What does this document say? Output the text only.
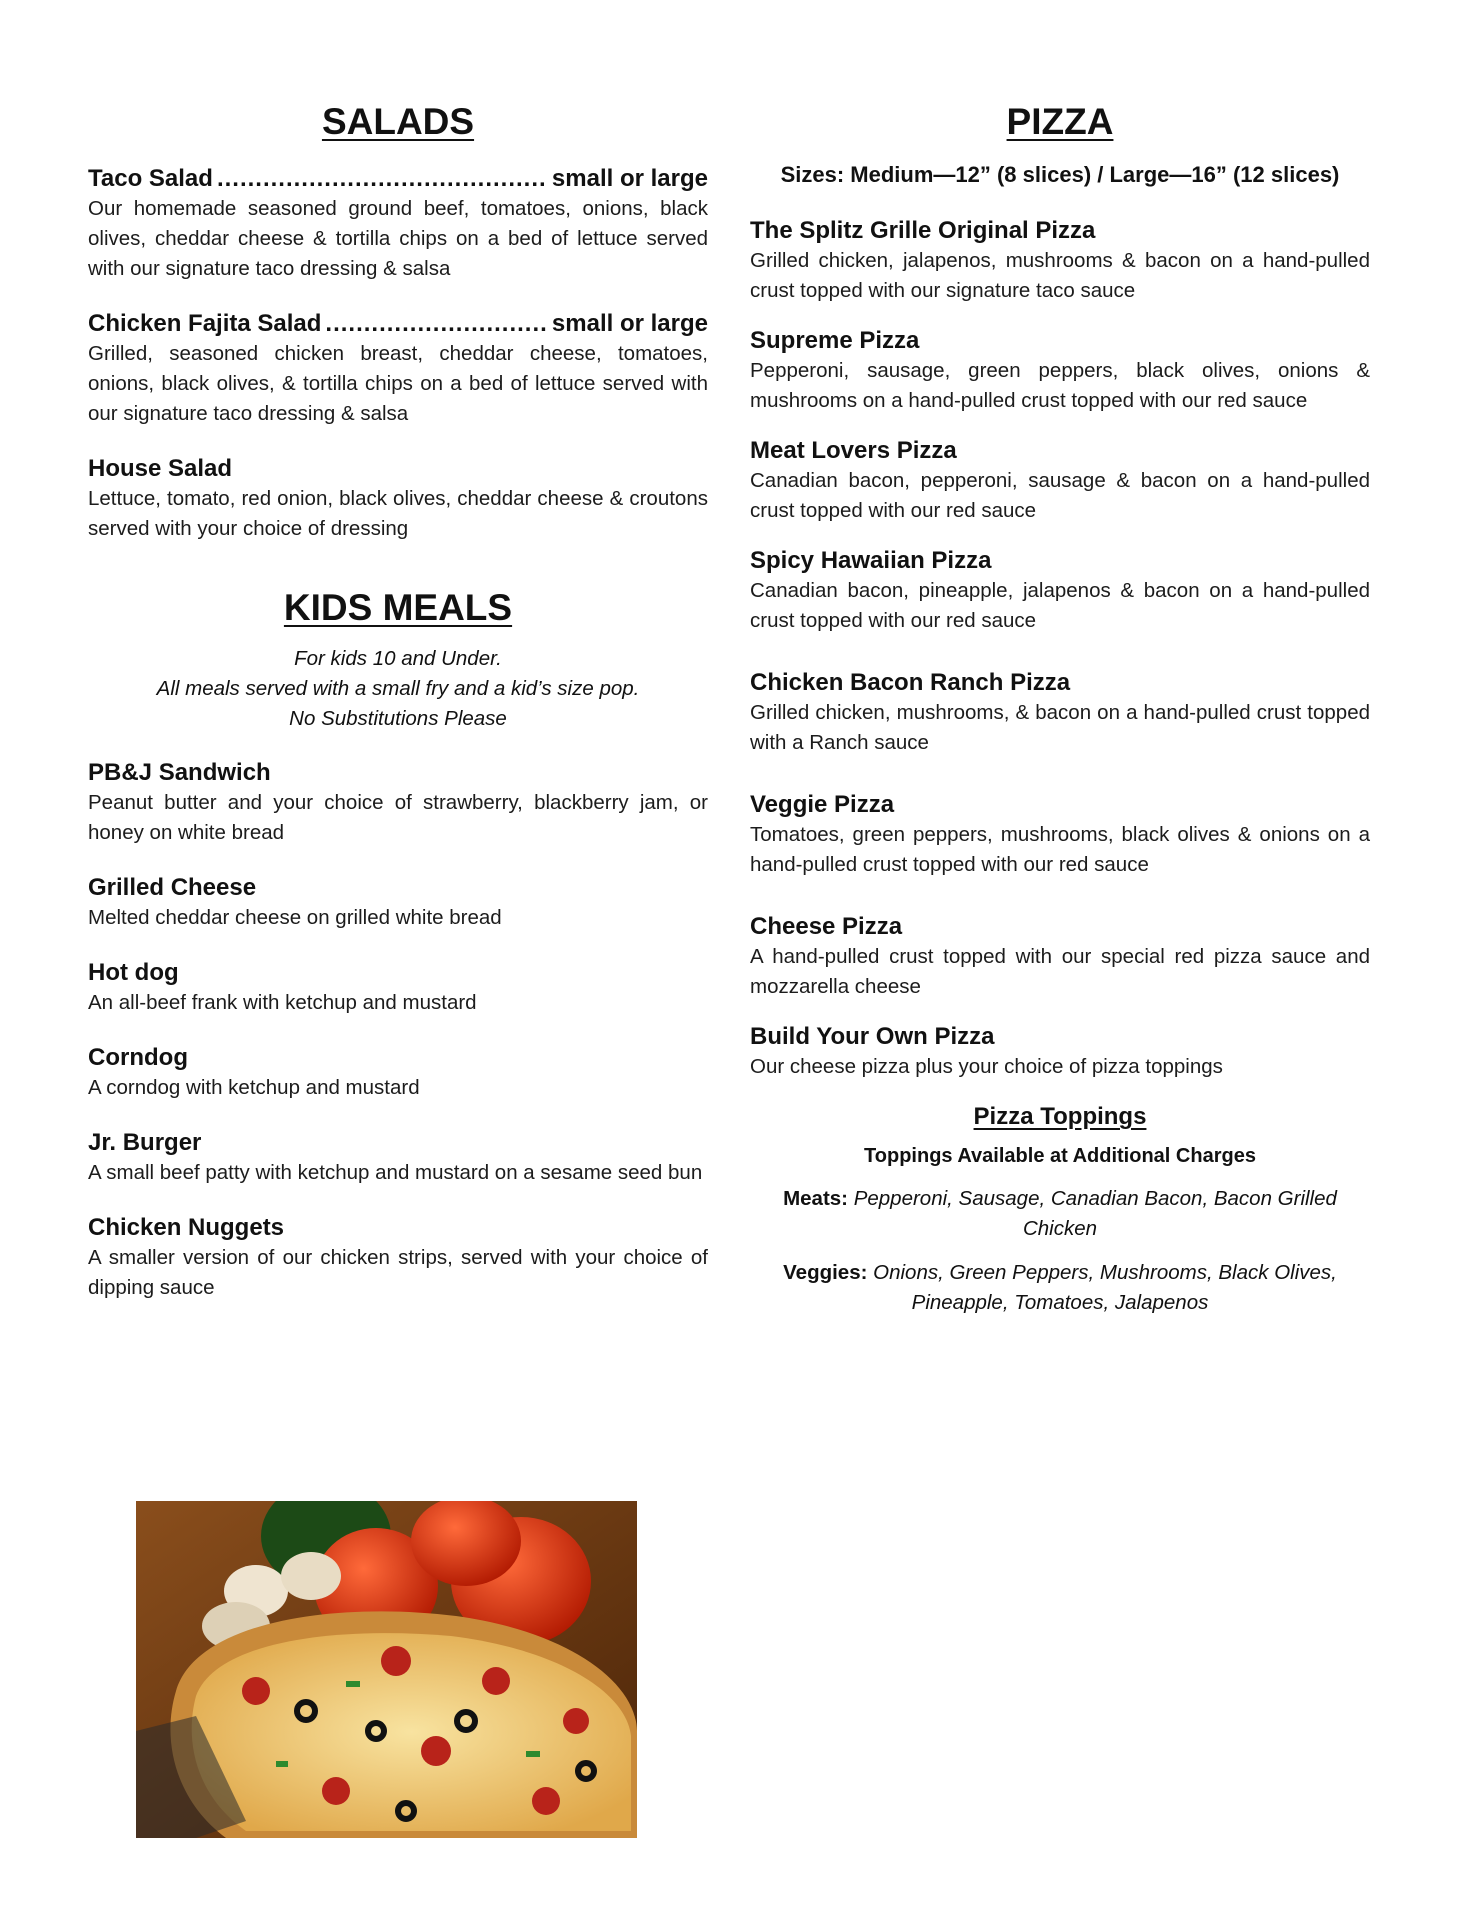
SALADS

Taco Salad .....	small or large

Our homemade seasoned ground beef, tomatoes, onions, black olives, cheddar cheese & tortilla chips on a bed of lettuce served with our signature taco dressing & salsa

Chicken Fajita Salad .....	small or large

Grilled, seasoned chicken breast, cheddar cheese, tomatoes, onions, black olives, & tortilla chips on a bed of lettuce served with our signature taco dressing & salsa

House Salad

Lettuce, tomato, red onion, black olives, cheddar cheese & croutons served with your choice of dressing

KIDS MEALS

For kids 10 and Under.

All meals served with a small fry and a kid’s size pop.

No Substitutions Please

PB&J Sandwich

Peanut butter and your choice of strawberry, blackberry jam, or honey on white bread

Grilled Cheese

Melted cheddar cheese on grilled white bread

Hot dog

An all-beef frank with ketchup and mustard

Corndog

A corndog with ketchup and mustard

Jr. Burger

A small beef patty with ketchup and mustard on a sesame seed bun

Chicken Nuggets

A smaller version of our chicken strips, served with your choice of dipping sauce

PIZZA

Sizes: Medium—12” (8 slices) / Large—16” (12 slices)

The Splitz Grille Original Pizza

Grilled chicken, jalapenos, mushrooms & bacon on a hand-pulled crust topped with our signature taco sauce

Supreme Pizza

Pepperoni, sausage, green peppers, black olives, onions & mushrooms on a hand-pulled crust topped with our red sauce

Meat Lovers Pizza

Canadian bacon, pepperoni, sausage & bacon on a hand-pulled crust topped with our red sauce

Spicy Hawaiian Pizza

Canadian bacon, pineapple, jalapenos & bacon on a hand-pulled crust topped with our red sauce

Chicken Bacon Ranch Pizza

Grilled chicken, mushrooms, & bacon on a hand-pulled crust topped with a Ranch sauce

Veggie Pizza

Tomatoes, green peppers, mushrooms, black olives & onions on a hand-pulled crust topped with our red sauce

Cheese Pizza

A hand-pulled crust topped with our special red pizza sauce and mozzarella cheese

Build Your Own Pizza

Our cheese pizza plus your choice of pizza toppings

Pizza Toppings

Toppings Available at Additional Charges

Meats: Pepperoni, Sausage, Canadian Bacon, Bacon Grilled Chicken

Veggies: Onions, Green Peppers, Mushrooms, Black Olives, Pineapple, Tomatoes, Jalapenos
